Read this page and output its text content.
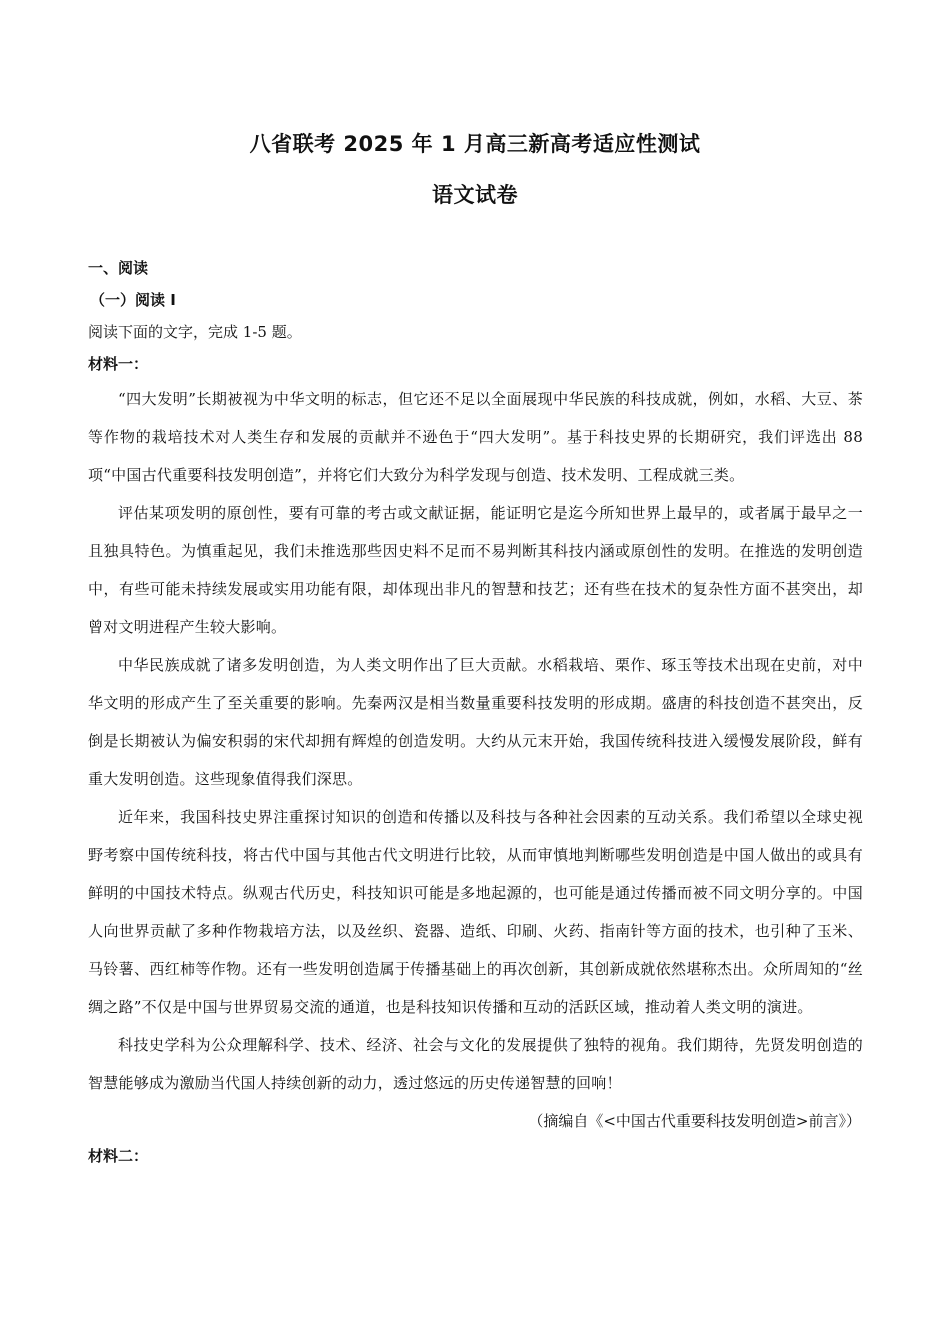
八省联考 2025 年 1 月高三新高考适应性测试
语文试卷
一、阅读
（一）阅读 I
阅读下面的文字，完成 1-5 题。
材料一：

“四大发明”长期被视为中华文明的标志，但它还不足以全面展现中华民族的科技成就，例如，水稻、大豆、茶等作物的栽培技术对人类生存和发展的贡献并不逊色于“四大发明”。基于科技史界的长期研究，我们评选出 88 项“中国古代重要科技发明创造”，并将它们大致分为科学发现与创造、技术发明、工程成就三类。

评估某项发明的原创性，要有可靠的考古或文献证据，能证明它是迄今所知世界上最早的，或者属于最早之一且独具特色。为慎重起见，我们未推选那些因史料不足而不易判断其科技内涵或原创性的发明。在推选的发明创造中，有些可能未持续发展或实用功能有限，却体现出非凡的智慧和技艺；还有些在技术的复杂性方面不甚突出，却曾对文明进程产生较大影响。

中华民族成就了诸多发明创造，为人类文明作出了巨大贡献。水稻栽培、栗作、琢玉等技术出现在史前，对中华文明的形成产生了至关重要的影响。先秦两汉是相当数量重要科技发明的形成期。盛唐的科技创造不甚突出，反倒是长期被认为偏安积弱的宋代却拥有辉煌的创造发明。大约从元末开始，我国传统科技进入缓慢发展阶段，鲜有重大发明创造。这些现象值得我们深思。

近年来，我国科技史界注重探讨知识的创造和传播以及科技与各种社会因素的互动关系。我们希望以全球史视野考察中国传统科技，将古代中国与其他古代文明进行比较，从而审慎地判断哪些发明创造是中国人做出的或具有鲜明的中国技术特点。纵观古代历史，科技知识可能是多地起源的，也可能是通过传播而被不同文明分享的。中国人向世界贡献了多种作物栽培方法，以及丝织、瓷器、造纸、印刷、火药、指南针等方面的技术，也引种了玉米、马铃薯、西红柿等作物。还有一些发明创造属于传播基础上的再次创新，其创新成就依然堪称杰出。众所周知的“丝绸之路”不仅是中国与世界贸易交流的通道，也是科技知识传播和互动的活跃区域，推动着人类文明的演进。

科技史学科为公众理解科学、技术、经济、社会与文化的发展提供了独特的视角。我们期待，先贤发明创造的智慧能够成为激励当代国人持续创新的动力，透过悠远的历史传递智慧的回响！

（摘编自《<中国古代重要科技发明创造>前言》）
材料二：
